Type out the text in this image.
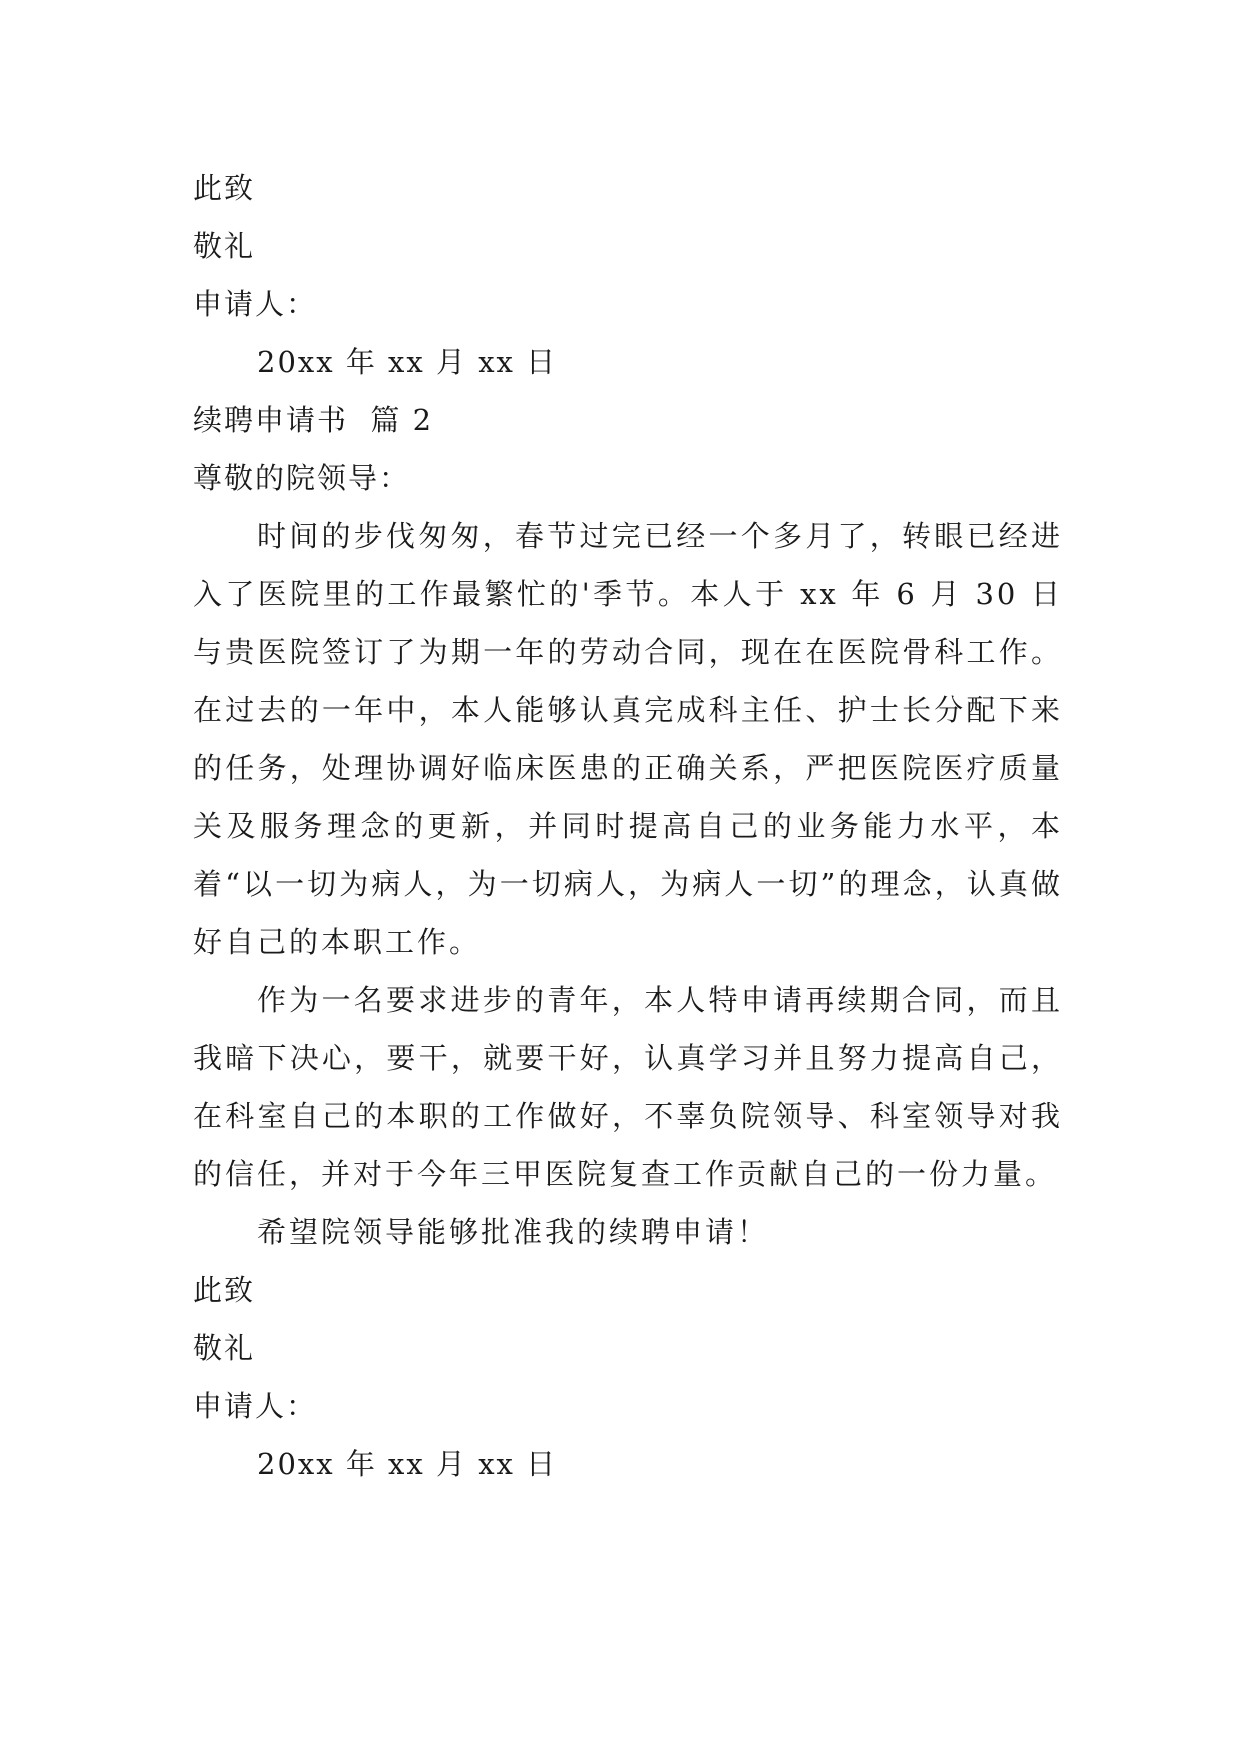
此致

敬礼

申请人：

20xx 年 xx 月 xx 日

续聘申请书  篇 2

尊敬的院领导：

时间的步伐匆匆，春节过完已经一个多月了，转眼已经进入了医院里的工作最繁忙的'季节。本人于 xx 年 6 月 30 日与贵医院签订了为期一年的劳动合同，现在在医院骨科工作。在过去的一年中，本人能够认真完成科主任、护士长分配下来的任务，处理协调好临床医患的正确关系，严把医院医疗质量关及服务理念的更新，并同时提高自己的业务能力水平，本着“以一切为病人，为一切病人，为病人一切”的理念，认真做好自己的本职工作。

作为一名要求进步的青年，本人特申请再续期合同，而且我暗下决心，要干，就要干好，认真学习并且努力提高自己，在科室自己的本职的工作做好，不辜负院领导、科室领导对我的信任，并对于今年三甲医院复查工作贡献自己的一份力量。

希望院领导能够批准我的续聘申请！

此致

敬礼

申请人：

20xx 年 xx 月 xx 日
